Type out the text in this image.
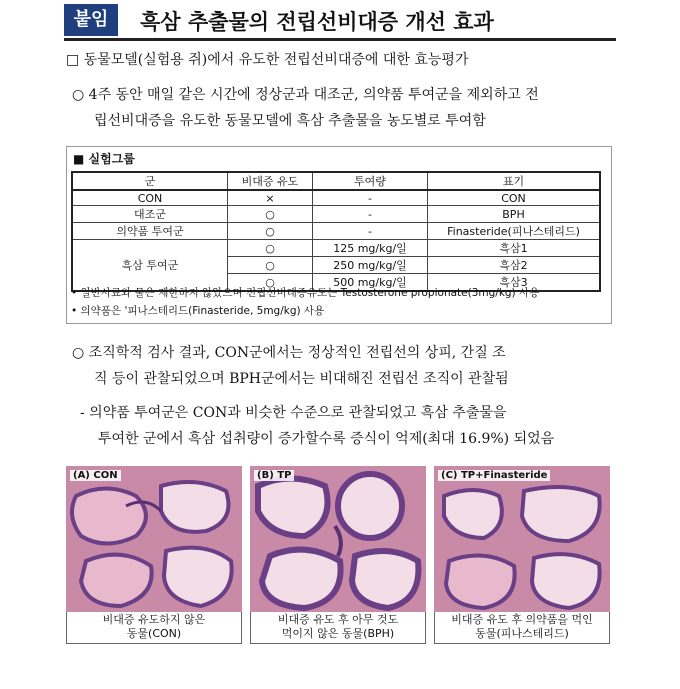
붙임	흑삼 추출물의 전립선비대증 개선 효과
□ 동물모델(실험용 쥐)에서 유도한 전립선비대증에 대한 효능평가
○ 4주 동안 매일 같은 시간에 정상군과 대조군, 의약품 투여군을 제외하고 전

립선비대증을 유도한 동물모델에 흑삼 추출물을 농도별로 투여함
■ 실험그룹
군	비대증 유도	투여량	표기
CON	×	-	CON
대조군	○	-	BPH
의약품 투여군	○	-	Finasteride(피나스테리드)
흑삼 투여군	○	125 mg/kg/일	흑삼1
	○	250 mg/kg/일	흑삼2
	○	500 mg/kg/일	흑삼3
• 일반사료와 물은 제한하지 않았으며 전립선비대증유도는 Testosterone propionate(3mg/kg) 사용
• 의약품은 '피나스테리드(Finasteride, 5mg/kg) 사용
○ 조직학적 검사 결과, CON군에서는 정상적인 전립선의 상피, 간질 조

직 등이 관찰되었으며 BPH군에서는 비대해진 전립선 조직이 관찰됨
- 의약품 투여군은 CON과 비슷한 수준으로 관찰되었고 흑삼 추출물을
투여한 군에서 흑삼 섭취량이 증가할수록 증식이 억제(최대 16.9%) 되었음
(A) CON	(B) TP	(C) TP+Finasteride
비대증 유도하지 않은
동물(CON)
비대증 유도 후 아무 것도
먹이지 않은 동물(BPH)
비대증 유도 후 의약품을 먹인
동물(피나스테리드)
